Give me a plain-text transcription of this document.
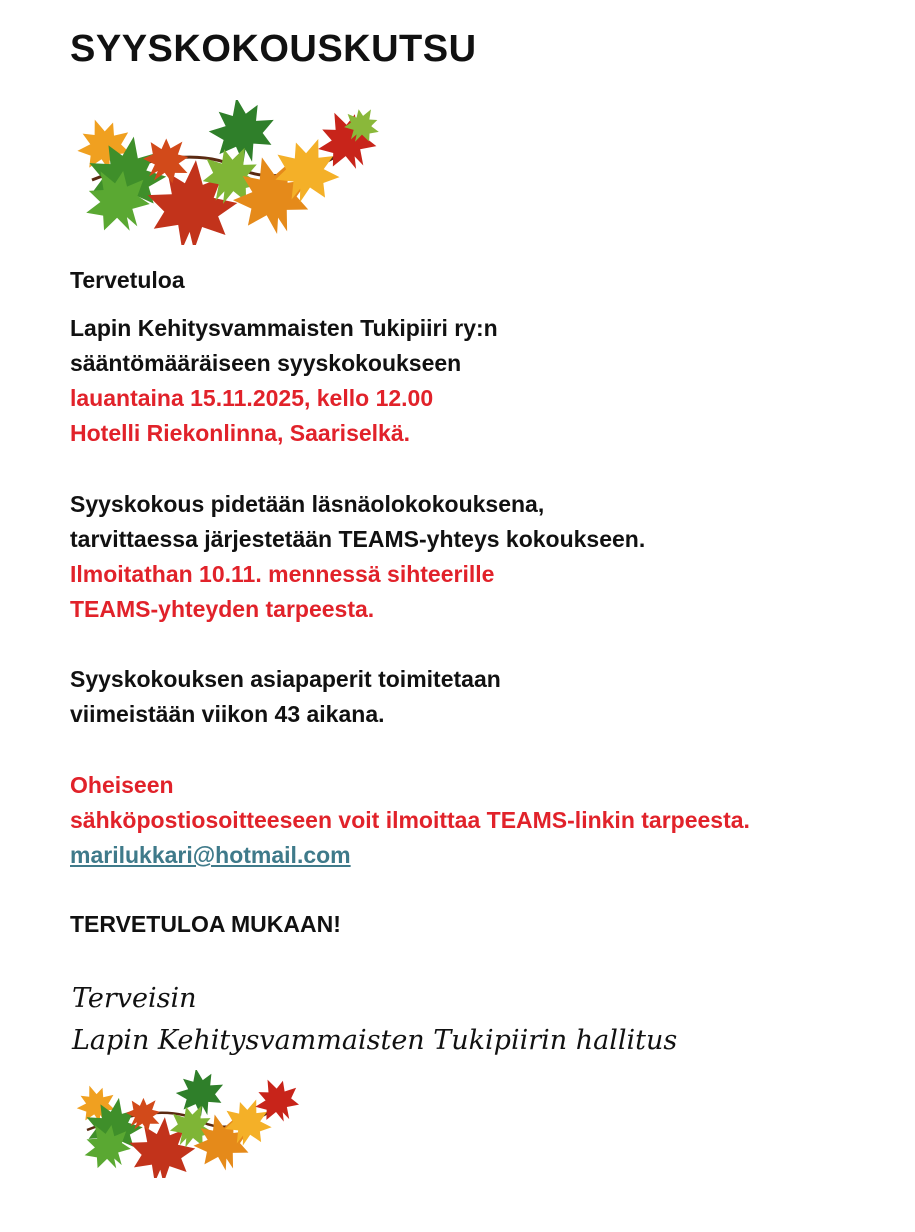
SYYSKOKOUSKUTSU

Tervetuloa

Lapin Kehitysvammaisten Tukipiiri ry:n

sääntömääräiseen syyskokoukseen

lauantaina 15.11.2025, kello 12.00

Hotelli Riekonlinna, Saariselkä.

Syyskokous pidetään läsnäolokokouksena,

tarvittaessa järjestetään TEAMS-yhteys kokoukseen.

Ilmoitathan 10.11. mennessä sihteerille

TEAMS-yhteyden tarpeesta.

Syyskokouksen asiapaperit toimitetaan

viimeistään viikon 43 aikana.

Oheiseen

sähköpostiosoitteeseen voit ilmoittaa TEAMS-linkin tarpeesta.

marilukkari@hotmail.com

TERVETULOA MUKAAN!

Terveisin
Lapin Kehitysvammaisten Tukipiirin hallitus
